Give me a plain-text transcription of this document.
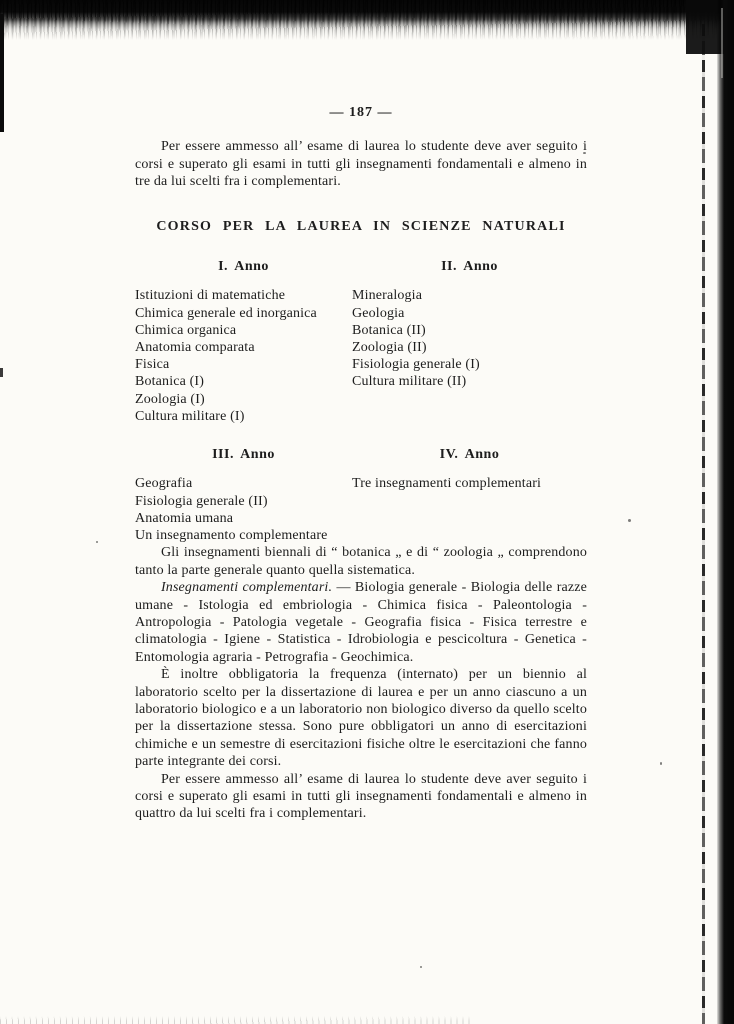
— 187 —

Per essere ammesso all’ esame di laurea lo studente deve aver seguito i corsi e superato gli esami in tutti gli insegnamenti fondamentali e almeno in tre da lui scelti fra i complementari.

CORSO PER LA LAUREA IN SCIENZE NATURALI
I. Anno
Istituzioni di matematiche
Chimica generale ed inorganica
Chimica organica
Anatomia comparata
Fisica
Botanica (I)
Zoologia (I)
Cultura militare (I)
II. Anno
Mineralogia
Geologia
Botanica (II)
Zoologia (II)
Fisiologia generale (I)
Cultura militare (II)
III. Anno
Geografia
Fisiologia generale (II)
Anatomia umana
Un insegnamento complementare
IV. Anno
Tre insegnamenti complementari

Gli insegnamenti biennali di “ botanica „ e di “ zoologia „ comprendono tanto la parte generale quanto quella sistematica.

Insegnamenti complementari. — Biologia generale - Biologia delle razze umane - Istologia ed embriologia - Chimica fisica - Paleontologia - Antropologia - Patologia vegetale - Geografia fisica - Fisica terrestre e climatologia - Igiene - Statistica - Idrobiologia e pescicoltura - Genetica - Entomologia agraria - Petrografia - Geochimica.

È inoltre obbligatoria la frequenza (internato) per un biennio al laboratorio scelto per la dissertazione di laurea e per un anno ciascuno a un laboratorio biologico e a un laboratorio non biologico diverso da quello scelto per la dissertazione stessa. Sono pure obbligatori un anno di esercitazioni chimiche e un semestre di esercitazioni fisiche oltre le esercitazioni che fanno parte integrante dei corsi.

Per essere ammesso all’ esame di laurea lo studente deve aver seguito i corsi e superato gli esami in tutti gli insegnamenti fondamentali e almeno in quattro da lui scelti fra i complementari.
